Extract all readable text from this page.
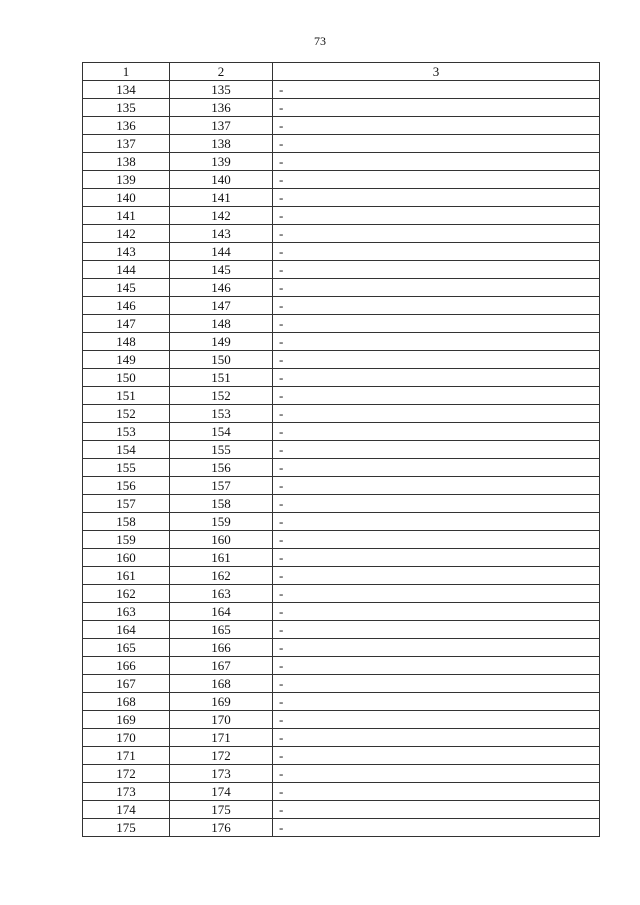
73
1	2	3
134	135	-
135	136	-
136	137	-
137	138	-
138	139	-
139	140	-
140	141	-
141	142	-
142	143	-
143	144	-
144	145	-
145	146	-
146	147	-
147	148	-
148	149	-
149	150	-
150	151	-
151	152	-
152	153	-
153	154	-
154	155	-
155	156	-
156	157	-
157	158	-
158	159	-
159	160	-
160	161	-
161	162	-
162	163	-
163	164	-
164	165	-
165	166	-
166	167	-
167	168	-
168	169	-
169	170	-
170	171	-
171	172	-
172	173	-
173	174	-
174	175	-
175	176	-
